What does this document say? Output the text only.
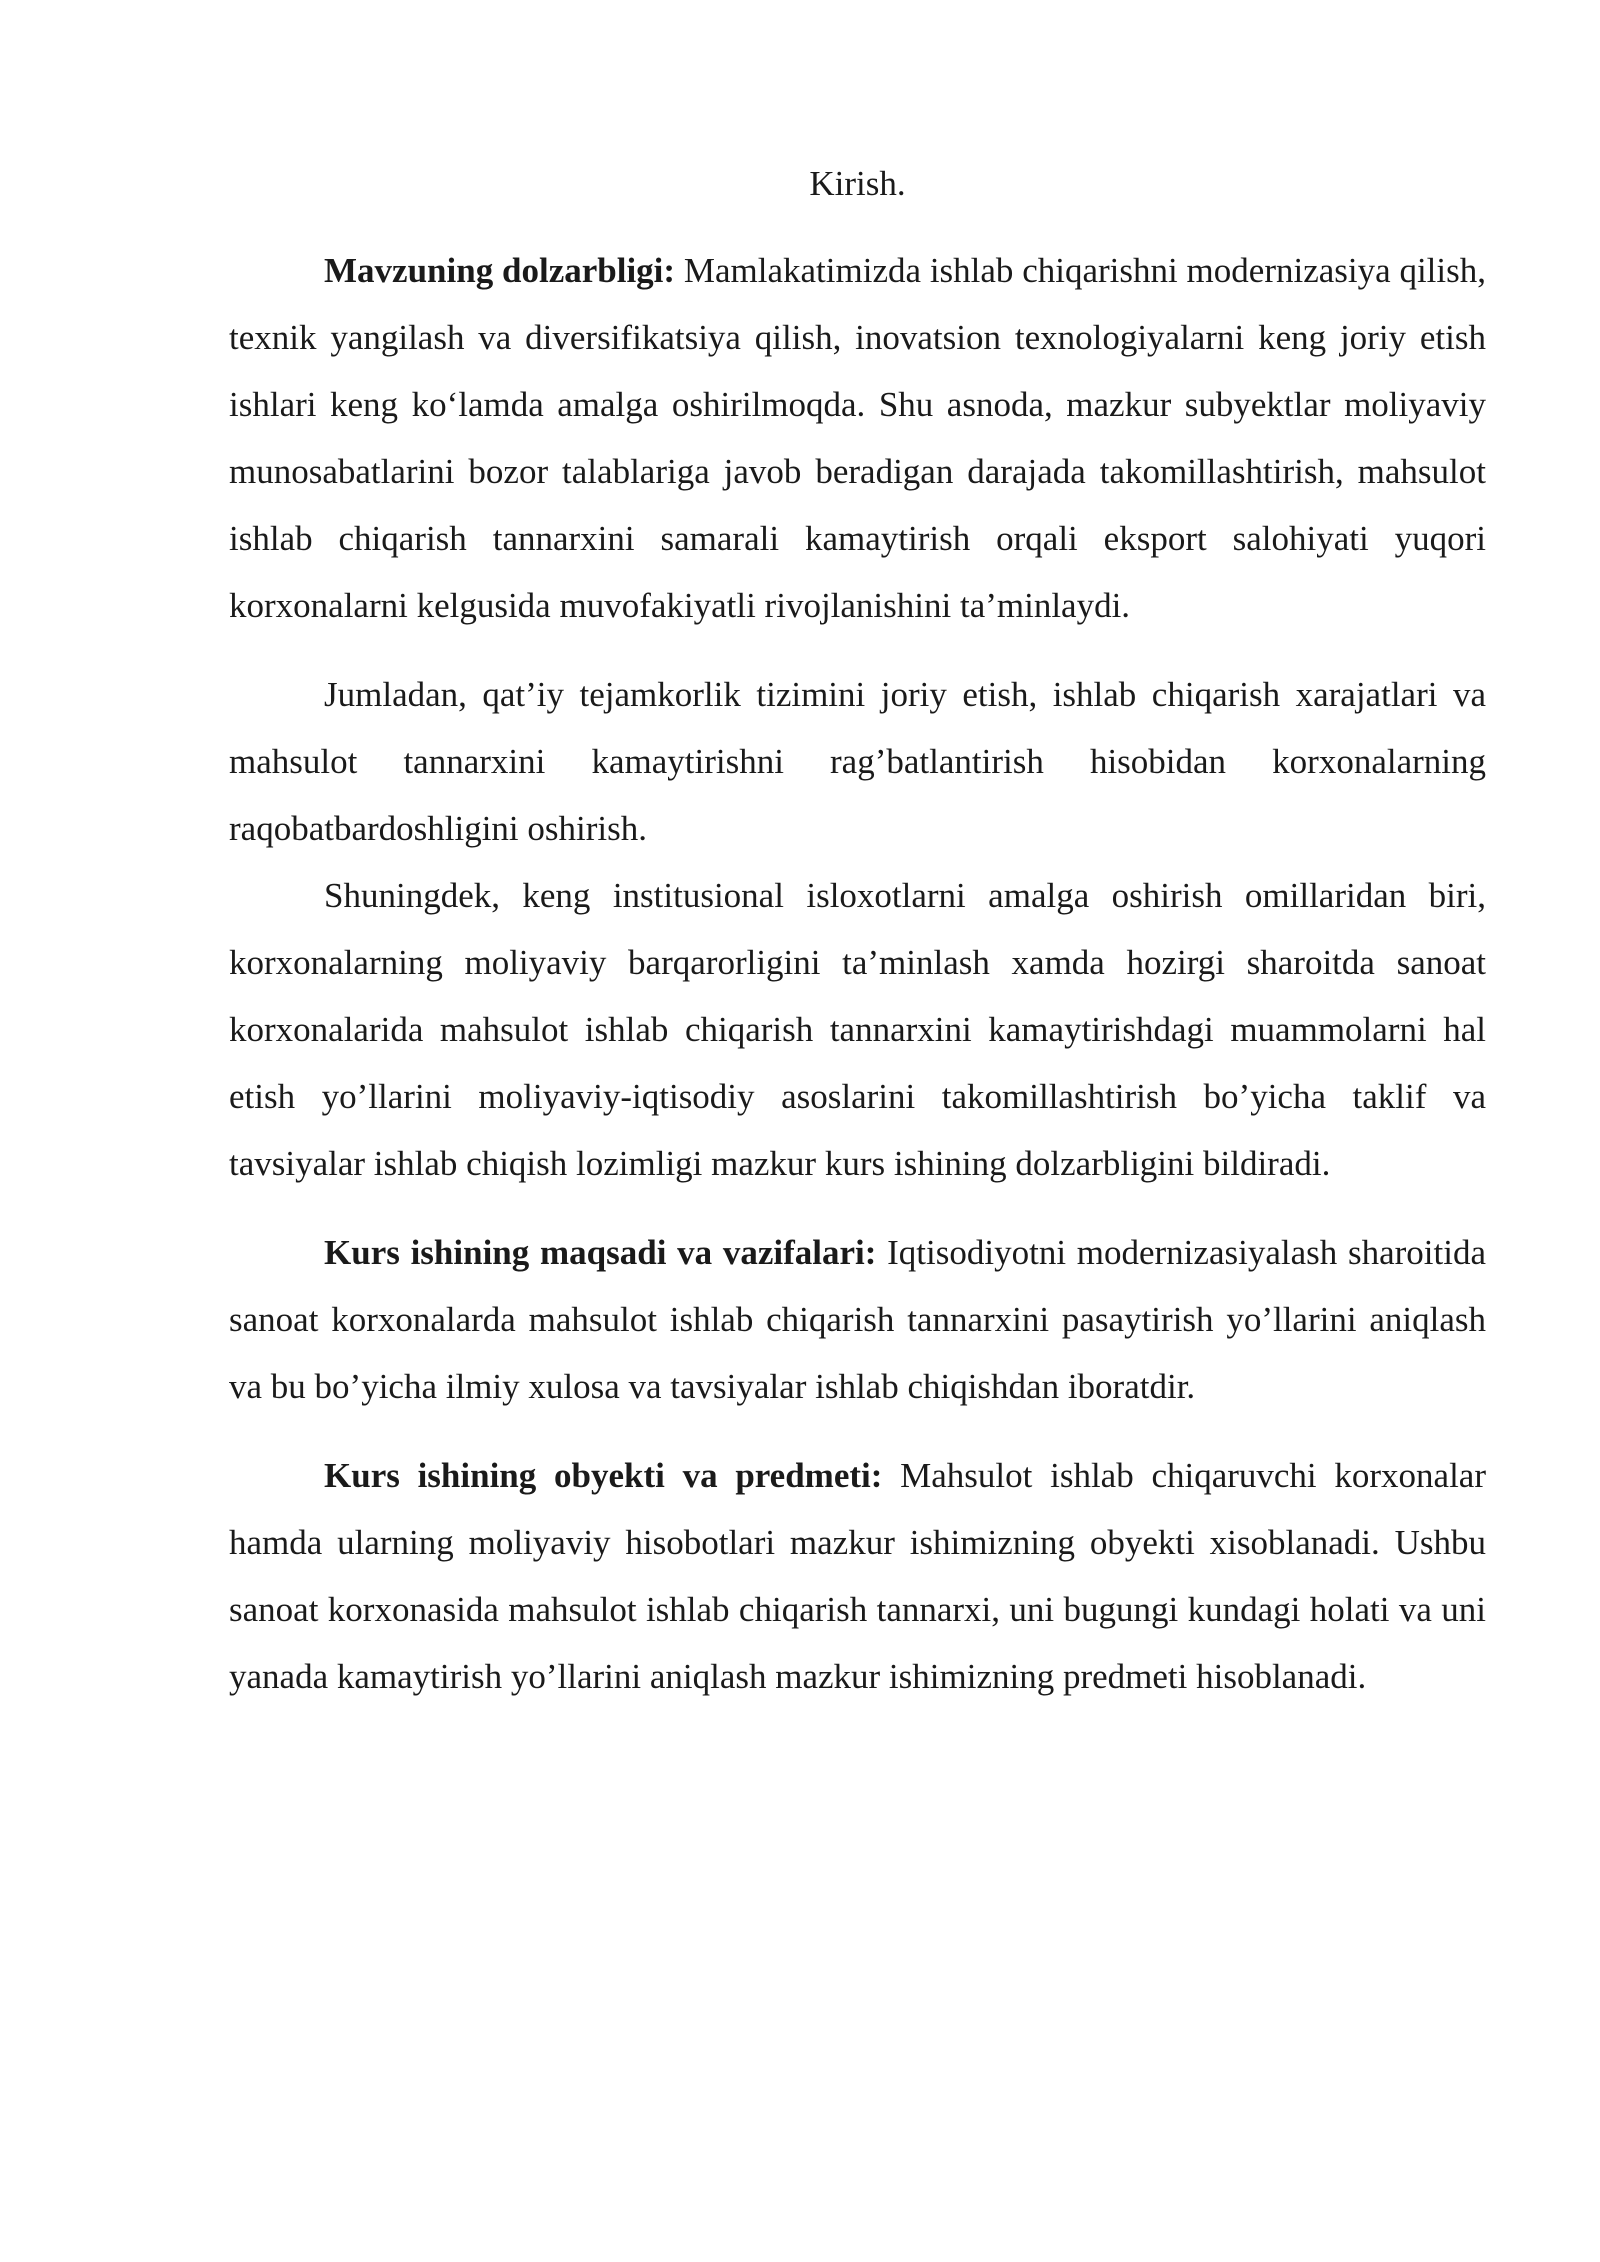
Kirish.

Mavzuning dolzarbligi: Mamlakatimizda ishlab chiqarishni modernizasiya qilish, texnik yangilash va diversifikatsiya qilish, inovatsion texnologiyalarni keng joriy etish ishlari keng ko‘lamda amalga oshirilmoqda. Shu asnoda, mazkur subyektlar moliyaviy munosabatlarini bozor talablariga javob beradigan darajada takomillashtirish, mahsulot ishlab chiqarish tannarxini samarali kamaytirish orqali eksport salohiyati yuqori korxonalarni kelgusida muvofakiyatli rivojlanishini ta’minlaydi.

Jumladan, qat’iy tejamkorlik tizimini joriy etish, ishlab chiqarish xarajatlari va mahsulot tannarxini kamaytirishni rag’batlantirish hisobidan korxonalarning raqobatbardoshligini oshirish.

Shuningdek, keng institusional isloxotlarni amalga oshirish omillaridan biri, korxonalarning moliyaviy barqarorligini ta’minlash xamda hozirgi sharoitda sanoat korxonalarida mahsulot ishlab chiqarish tannarxini kamaytirishdagi muammolarni hal etish yo’llarini moliyaviy-iqtisodiy asoslarini takomillashtirish bo’yicha taklif va tavsiyalar ishlab chiqish lozimligi mazkur kurs ishining dolzarbligini bildiradi.

Kurs ishining maqsadi va vazifalari: Iqtisodiyotni modernizasiyalash sharoitida sanoat korxonalarda mahsulot ishlab chiqarish tannarxini pasaytirish yo’llarini aniqlash va bu bo’yicha ilmiy xulosa va tavsiyalar ishlab chiqishdan iboratdir.

Kurs ishining obyekti va predmeti: Mahsulot ishlab chiqaruvchi korxonalar hamda ularning moliyaviy hisobotlari mazkur ishimizning obyekti xisoblanadi. Ushbu sanoat korxonasida mahsulot ishlab chiqarish tannarxi, uni bugungi kundagi holati va uni yanada kamaytirish yo’llarini aniqlash mazkur ishimizning predmeti hisoblanadi.
